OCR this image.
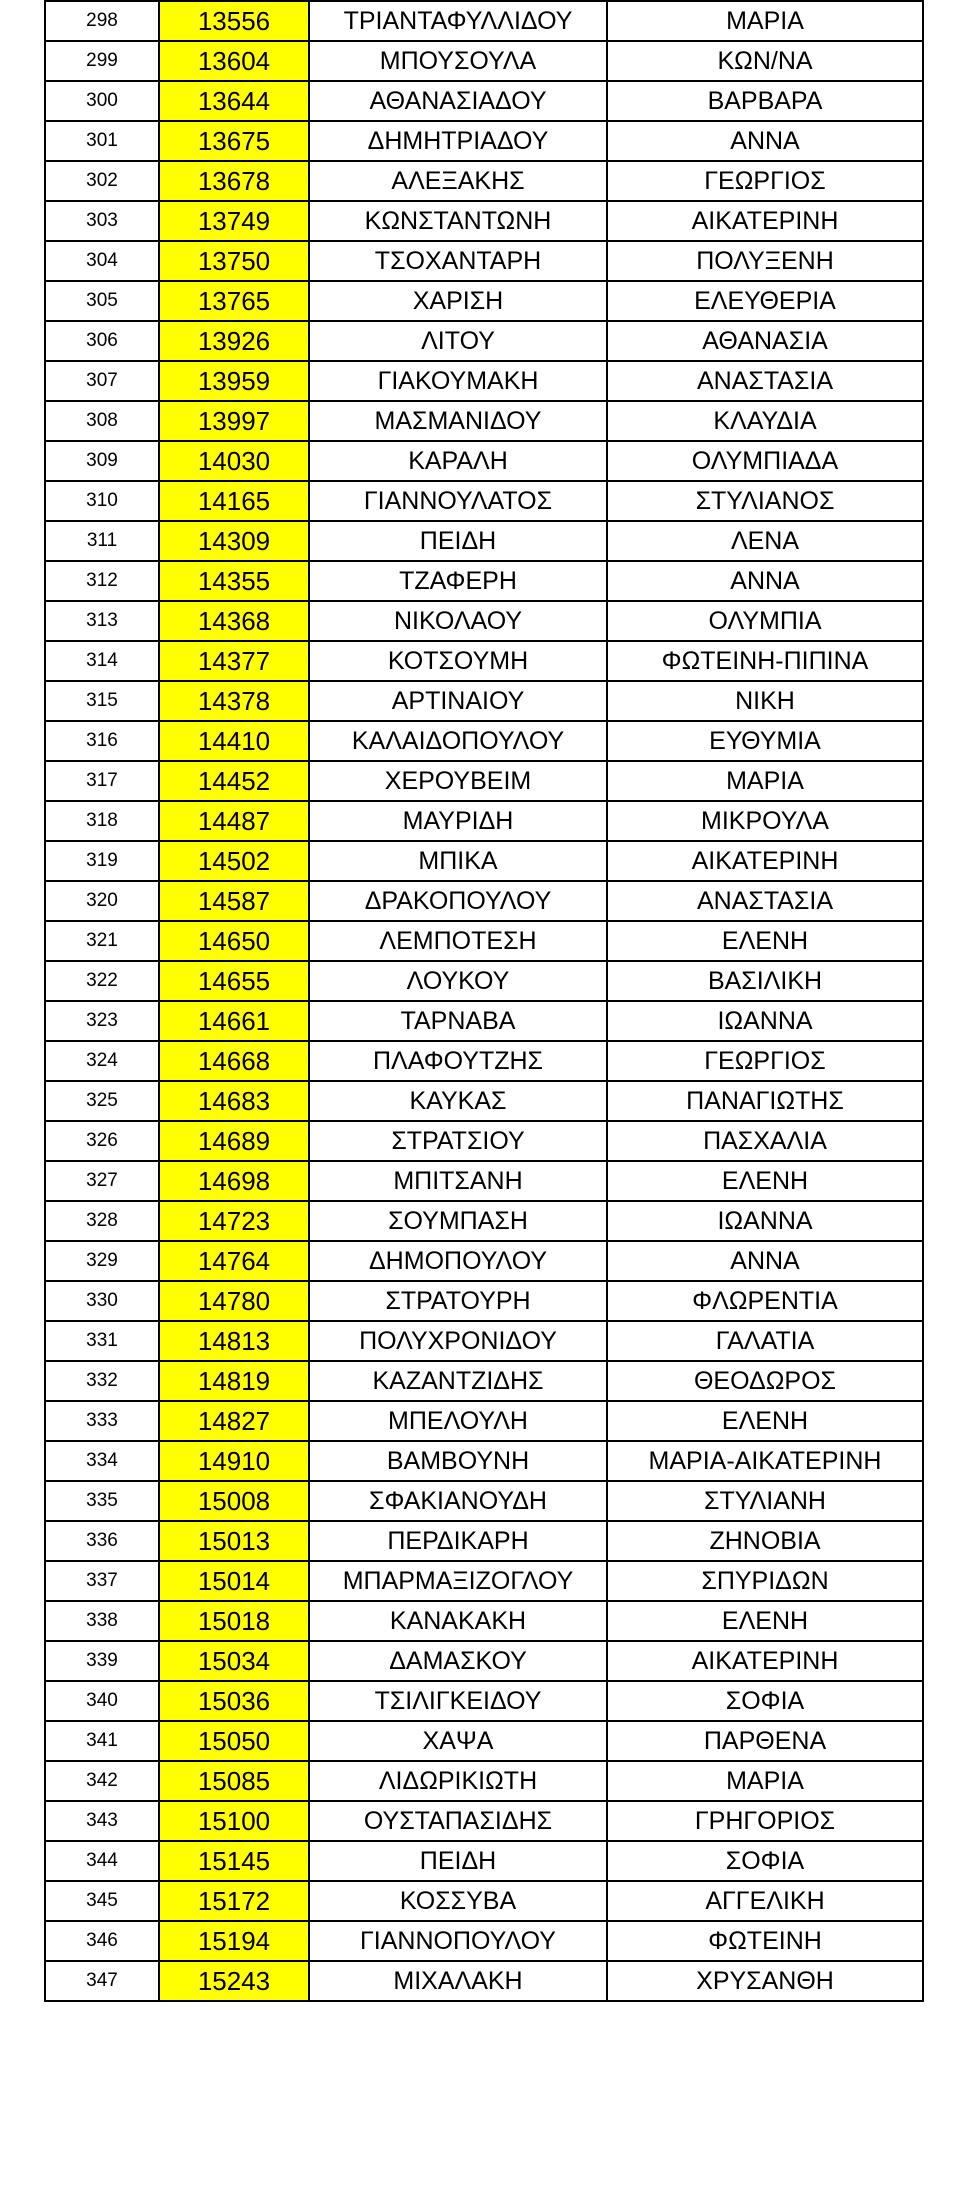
298	13556	ΤΡΙΑΝΤΑΦΥΛΛΙΔΟΥ	ΜΑΡΙΑ
299	13604	ΜΠΟΥΣΟΥΛΑ	ΚΩΝ/ΝΑ
300	13644	ΑΘΑΝΑΣΙΑΔΟΥ	ΒΑΡΒΑΡΑ
301	13675	ΔΗΜΗΤΡΙΑΔΟΥ	ΑΝΝΑ
302	13678	ΑΛΕΞΑΚΗΣ	ΓΕΩΡΓΙΟΣ
303	13749	ΚΩΝΣΤΑΝΤΩΝΗ	ΑΙΚΑΤΕΡΙΝΗ
304	13750	ΤΣΟΧΑΝΤΑΡΗ	ΠΟΛΥΞΕΝΗ
305	13765	ΧΑΡΙΣΗ	ΕΛΕΥΘΕΡΙΑ
306	13926	ΛΙΤΟΥ	ΑΘΑΝΑΣΙΑ
307	13959	ΓΙΑΚΟΥΜΑΚΗ	ΑΝΑΣΤΑΣΙΑ
308	13997	ΜΑΣΜΑΝΙΔΟΥ	ΚΛΑΥΔΙΑ
309	14030	ΚΑΡΑΛΗ	ΟΛΥΜΠΙΑΔΑ
310	14165	ΓΙΑΝΝΟΥΛΑΤΟΣ	ΣΤΥΛΙΑΝΟΣ
311	14309	ΠΕΙΔΗ	ΛΕΝΑ
312	14355	ΤΖΑΦΕΡΗ	ΑΝΝΑ
313	14368	ΝΙΚΟΛΑΟΥ	ΟΛΥΜΠΙΑ
314	14377	ΚΟΤΣΟΥΜΗ	ΦΩΤΕΙΝΗ-ΠΙΠΙΝΑ
315	14378	ΑΡΤΙΝΑΙΟΥ	ΝΙΚΗ
316	14410	ΚΑΛΑΙΔΟΠΟΥΛΟΥ	ΕΥΘΥΜΙΑ
317	14452	ΧΕΡΟΥΒΕΙΜ	ΜΑΡΙΑ
318	14487	ΜΑΥΡΙΔΗ	ΜΙΚΡΟΥΛΑ
319	14502	ΜΠΙΚΑ	ΑΙΚΑΤΕΡΙΝΗ
320	14587	ΔΡΑΚΟΠΟΥΛΟΥ	ΑΝΑΣΤΑΣΙΑ
321	14650	ΛΕΜΠΟΤΕΣΗ	ΕΛΕΝΗ
322	14655	ΛΟΥΚΟΥ	ΒΑΣΙΛΙΚΗ
323	14661	ΤΑΡΝΑΒΑ	ΙΩΑΝΝΑ
324	14668	ΠΛΑΦΟΥΤΖΗΣ	ΓΕΩΡΓΙΟΣ
325	14683	ΚΑΥΚΑΣ	ΠΑΝΑΓΙΩΤΗΣ
326	14689	ΣΤΡΑΤΣΙΟΥ	ΠΑΣΧΑΛΙΑ
327	14698	ΜΠΙΤΣΑΝΗ	ΕΛΕΝΗ
328	14723	ΣΟΥΜΠΑΣΗ	ΙΩΑΝΝΑ
329	14764	ΔΗΜΟΠΟΥΛΟΥ	ΑΝΝΑ
330	14780	ΣΤΡΑΤΟΥΡΗ	ΦΛΩΡΕΝΤΙΑ
331	14813	ΠΟΛΥΧΡΟΝΙΔΟΥ	ΓΑΛΑΤΙΑ
332	14819	ΚΑΖΑΝΤΖΙΔΗΣ	ΘΕΟΔΩΡΟΣ
333	14827	ΜΠΕΛΟΥΛΗ	ΕΛΕΝΗ
334	14910	ΒΑΜΒΟΥΝΗ	ΜΑΡΙΑ-ΑΙΚΑΤΕΡΙΝΗ
335	15008	ΣΦΑΚΙΑΝΟΥΔΗ	ΣΤΥΛΙΑΝΗ
336	15013	ΠΕΡΔΙΚΑΡΗ	ΖΗΝΟΒΙΑ
337	15014	ΜΠΑΡΜΑΞΙΖΟΓΛΟΥ	ΣΠΥΡΙΔΩΝ
338	15018	ΚΑΝΑΚΑΚΗ	ΕΛΕΝΗ
339	15034	ΔΑΜΑΣΚΟΥ	ΑΙΚΑΤΕΡΙΝΗ
340	15036	ΤΣΙΛΙΓΚΕΙΔΟΥ	ΣΟΦΙΑ
341	15050	ΧΑΨΑ	ΠΑΡΘΕΝΑ
342	15085	ΛΙΔΩΡΙΚΙΩΤΗ	ΜΑΡΙΑ
343	15100	ΟΥΣΤΑΠΑΣΙΔΗΣ	ΓΡΗΓΟΡΙΟΣ
344	15145	ΠΕΙΔΗ	ΣΟΦΙΑ
345	15172	ΚΟΣΣΥΒΑ	ΑΓΓΕΛΙΚΗ
346	15194	ΓΙΑΝΝΟΠΟΥΛΟΥ	ΦΩΤΕΙΝΗ
347	15243	ΜΙΧΑΛΑΚΗ	ΧΡΥΣΑΝΘΗ
